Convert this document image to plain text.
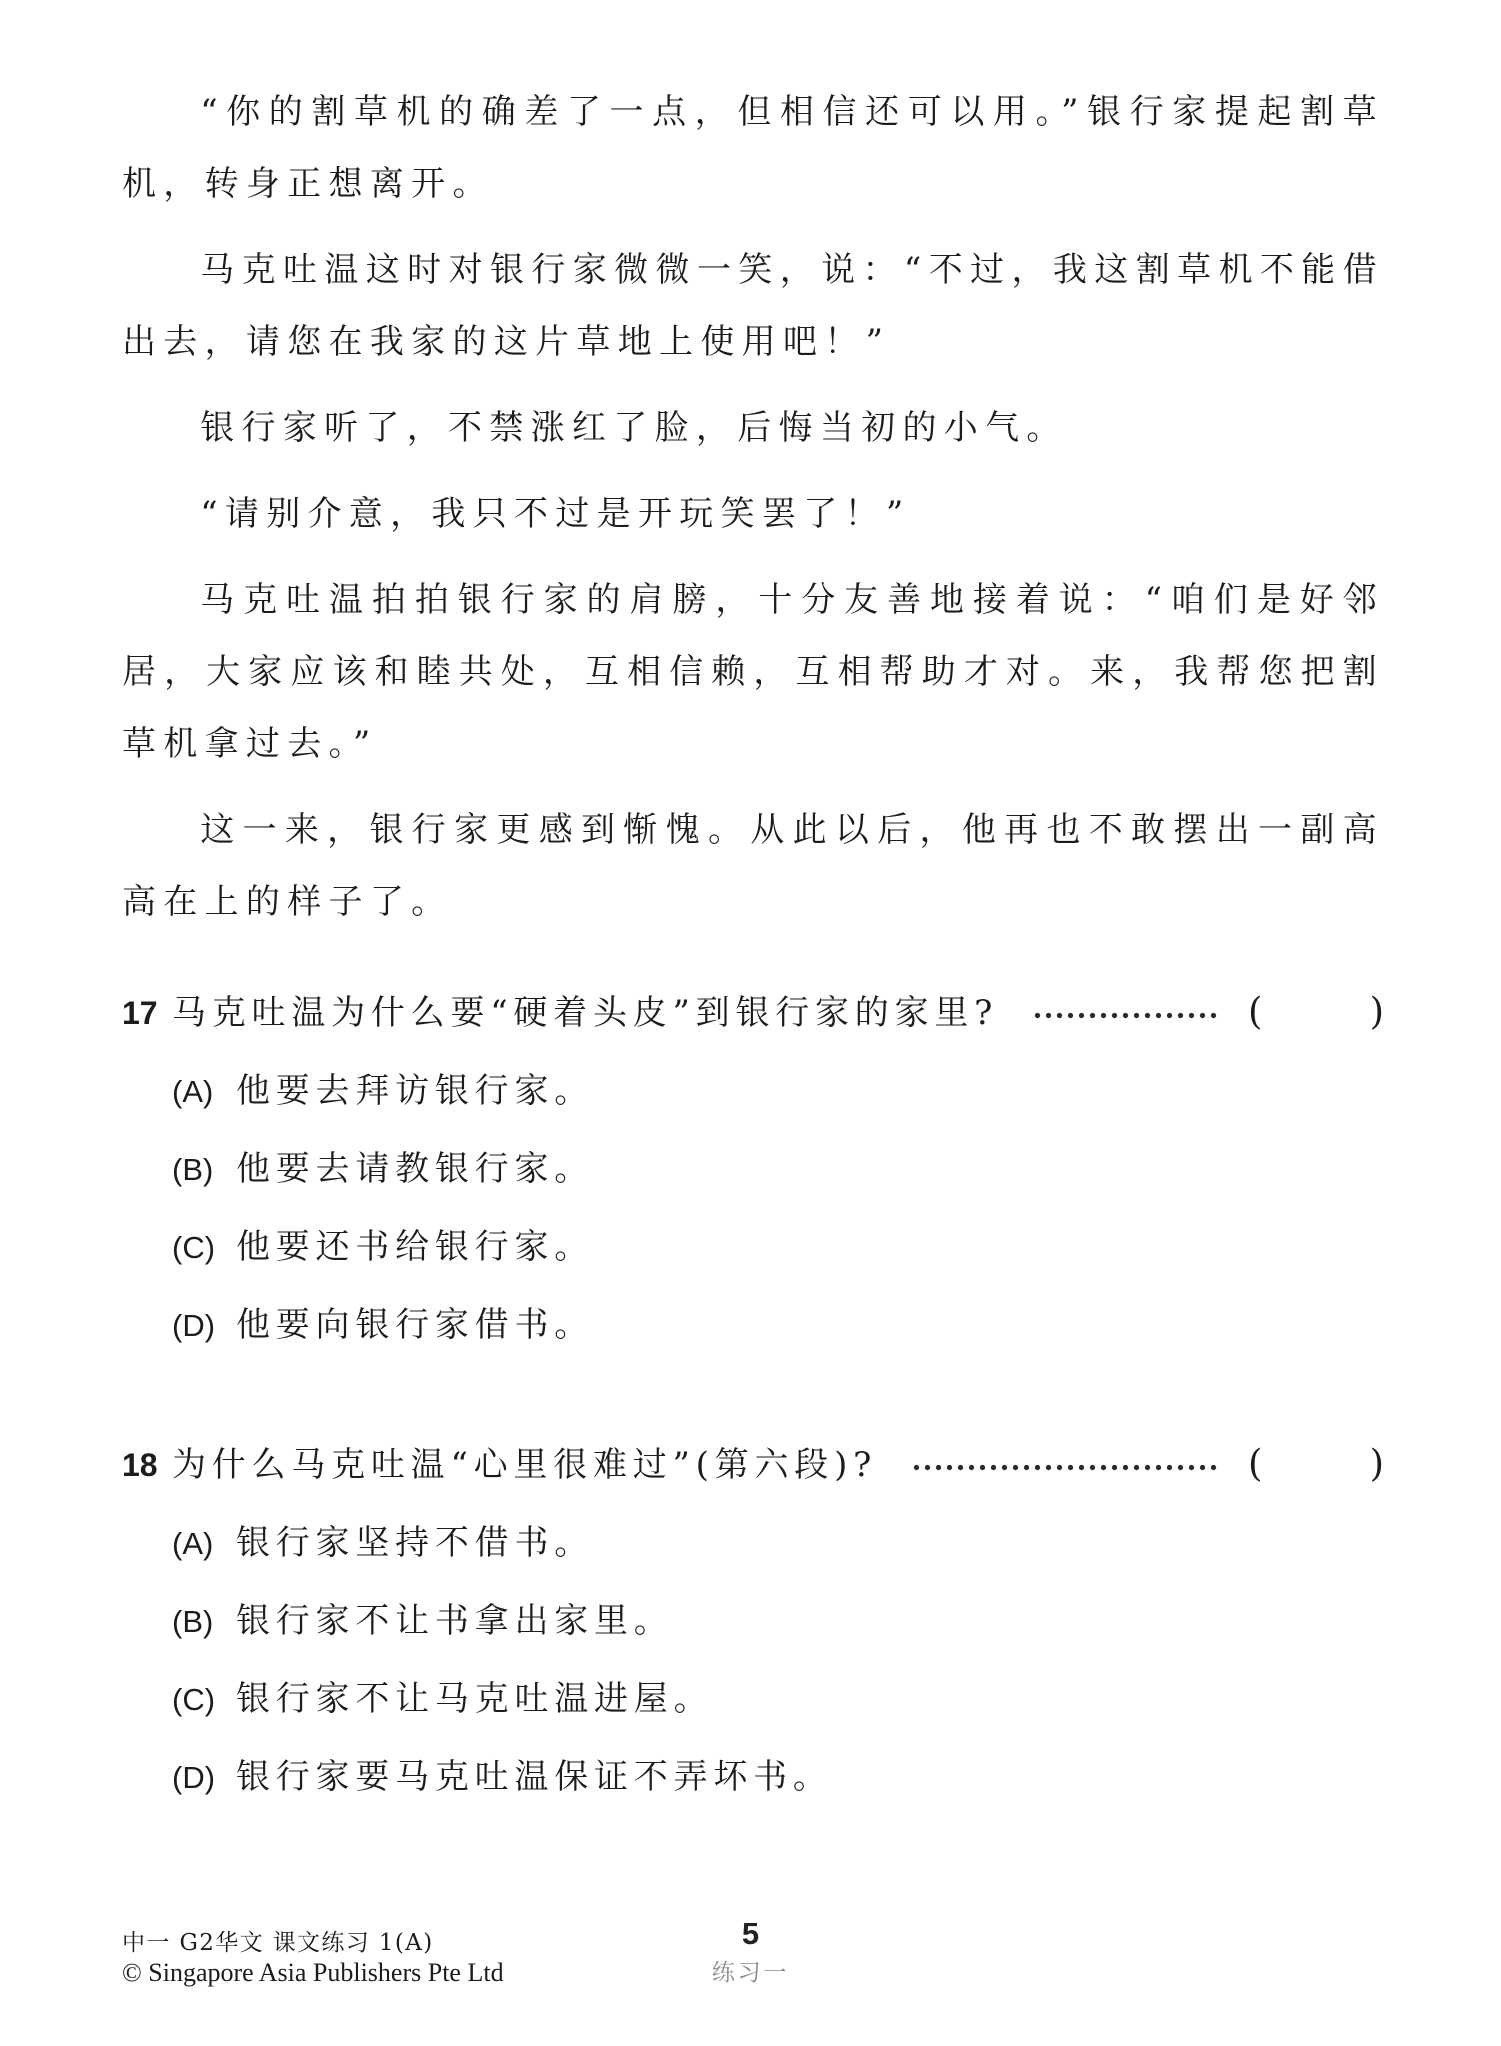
“你的割草机的确差了一点，但相信还可以用。”银行家提起割草机，转身正想离开。

马克吐温这时对银行家微微一笑，说：“不过，我这割草机不能借出去，请您在我家的这片草地上使用吧！”

银行家听了，不禁涨红了脸，后悔当初的小气。

“请别介意，我只不过是开玩笑罢了！”

马克吐温拍拍银行家的肩膀，十分友善地接着说：“咱们是好邻居，大家应该和睦共处，互相信赖，互相帮助才对。来，我帮您把割草机拿过去。”

这一来，银行家更感到惭愧。从此以后，他再也不敢摆出一副高高在上的样子了。

17 马克吐温为什么要“硬着头皮”到银行家的家里?	(	)
(A) 他要去拜访银行家。
(B) 他要去请教银行家。
(C) 他要还书给银行家。
(D) 他要向银行家借书。
18 为什么马克吐温“心里很难过”(第六段)?	(	)
(A) 银行家坚持不借书。
(B) 银行家不让书拿出家里。
(C) 银行家不让马克吐温进屋。
(D) 银行家要马克吐温保证不弄坏书。
中一 G2华文 课文练习 1(A)
© Singapore Asia Publishers Pte Ltd
5
练习一
